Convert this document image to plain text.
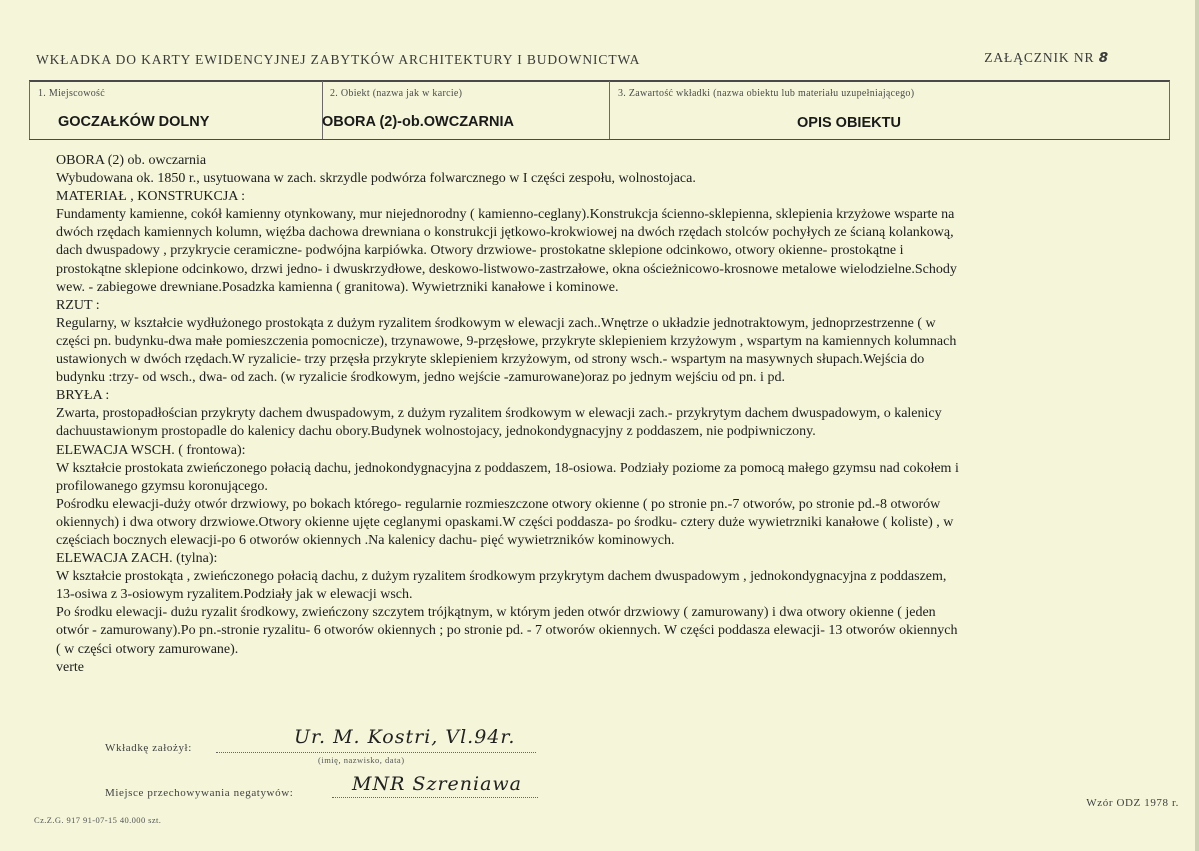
WKŁADKA DO KARTY EWIDENCYJNEJ ZABYTKÓW ARCHITEKTURY I BUDOWNICTWA	ZAŁĄCZNIK NR 8
1. Miejscowość
GOCZAŁKÓW DOLNY
2. Obiekt (nazwa jak w karcie)
OBORA (2)-ob.OWCZARNIA
3. Zawartość wkładki (nazwa obiektu lub materiału uzupełniającego)
OPIS OBIEKTU

OBORA (2) ob. owczarnia

Wybudowana ok. 1850 r., usytuowana w zach. skrzydle podwórza folwarcznego w I części zespołu, wolnostojaca.

MATERIAŁ , KONSTRUKCJA :

Fundamenty kamienne, cokół kamienny otynkowany, mur niejednorodny ( kamienno-ceglany).Konstrukcja ścienno-sklepienna, sklepienia krzyżowe wsparte na

dwóch rzędach kamiennych kolumn, więźba dachowa drewniana o konstrukcji jętkowo-krokwiowej na dwóch rzędach stolców pochyłych ze ścianą kolankową,

dach dwuspadowy , przykrycie ceramiczne- podwójna karpiówka. Otwory drzwiowe- prostokatne sklepione odcinkowo, otwory okienne- prostokątne i

prostokątne sklepione odcinkowo, drzwi jedno- i dwuskrzydłowe, deskowo-listwowo-zastrzałowe, okna ościeżnicowo-krosnowe metalowe wielodzielne.Schody

wew. - zabiegowe drewniane.Posadzka kamienna ( granitowa). Wywietrzniki kanałowe i kominowe.

RZUT :

Regularny, w kształcie wydłużonego prostokąta z dużym ryzalitem środkowym w elewacji zach..Wnętrze o układzie jednotraktowym, jednoprzestrzenne ( w

części pn. budynku-dwa małe pomieszczenia pomocnicze), trzynawowe, 9-przęsłowe, przykryte sklepieniem krzyżowym , wspartym na kamiennych kolumnach

ustawionych w dwóch rzędach.W ryzalicie- trzy przęsła przykryte sklepieniem krzyżowym, od strony wsch.- wspartym na masywnych słupach.Wejścia do

budynku :trzy- od wsch., dwa- od zach. (w ryzalicie środkowym, jedno wejście -zamurowane)oraz po jednym wejściu od pn. i pd.

BRYŁA :

Zwarta, prostopadłościan przykryty dachem dwuspadowym, z dużym ryzalitem środkowym w elewacji zach.- przykrytym dachem dwuspadowym, o kalenicy

dachuustawionym prostopadle do kalenicy dachu obory.Budynek wolnostojacy, jednokondygnacyjny z poddaszem, nie podpiwniczony.

ELEWACJA WSCH. ( frontowa):

W kształcie prostokata zwieńczonego połacią dachu, jednokondygnacyjna z poddaszem, 18-osiowa. Podziały poziome za pomocą małego gzymsu nad cokołem i

profilowanego gzymsu koronującego.

Pośrodku elewacji-duży otwór drzwiowy, po bokach którego- regularnie rozmieszczone otwory okienne ( po stronie pn.-7 otworów, po stronie pd.-8 otworów

okiennych) i dwa otwory drzwiowe.Otwory okienne ujęte ceglanymi opaskami.W części poddasza- po środku- cztery duże wywietrzniki kanałowe ( koliste) , w

częściach bocznych elewacji-po 6 otworów okiennych .Na kalenicy dachu- pięć wywietrzników kominowych.

ELEWACJA ZACH. (tylna):

W kształcie prostokąta , zwieńczonego połacią dachu, z dużym ryzalitem środkowym przykrytym dachem dwuspadowym , jednokondygnacyjna z poddaszem,

13-osiwa z 3-osiowym ryzalitem.Podziały jak w elewacji wsch.

Po środku elewacji- dużu ryzalit środkowy, zwieńczony szczytem trójkątnym, w którym jeden otwór drzwiowy ( zamurowany) i dwa otwory okienne ( jeden

otwór - zamurowany).Po pn.-stronie ryzalitu- 6 otworów okiennych ; po stronie pd. - 7 otworów okiennych. W części poddasza elewacji- 13 otworów okiennych

( w części otwory zamurowane).

verte

Wkładkę założył:	Ur. M. Kostri, Vl.94r.
(imię, nazwisko, data)
Miejsce przechowywania negatywów:	MNR Szreniawa
Wzór ODZ 1978 r.
Cz.Z.G. 917 91-07-15 40.000 szt.
